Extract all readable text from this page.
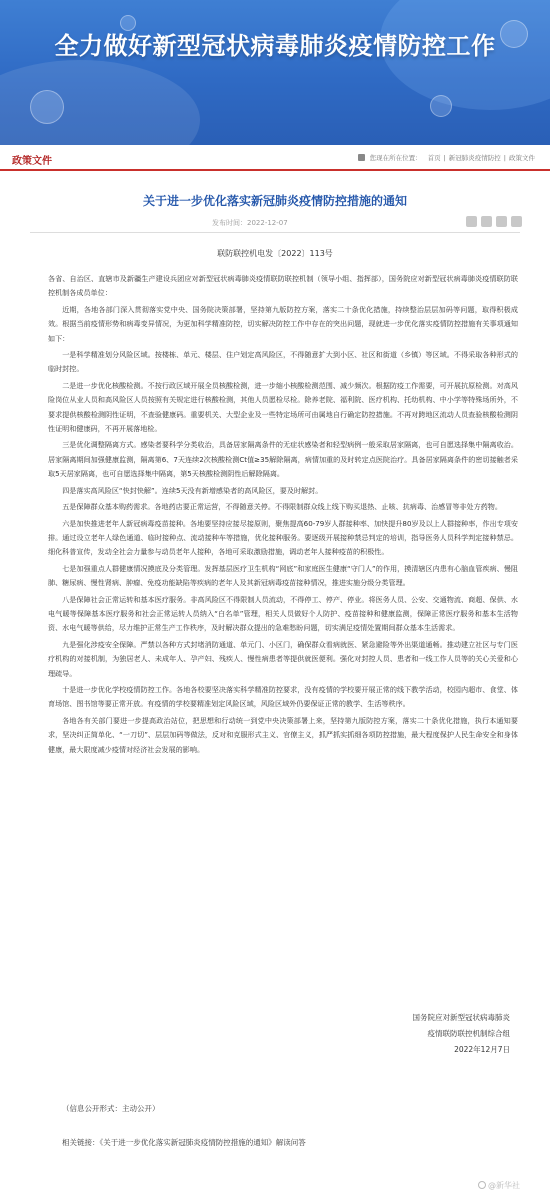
全力做好新型冠状病毒肺炎疫情防控工作
政策文件	您现在所在位置： 首页 | 新冠肺炎疫情防控 | 政策文件
关于进一步优化落实新冠肺炎疫情防控措施的通知
发布时间：2022-12-07
联防联控机电发〔2022〕113号

各省、自治区、直辖市及新疆生产建设兵团应对新型冠状病毒肺炎疫情联防联控机制（领导小组、指挥部），国务院应对新型冠状病毒肺炎疫情联防联控机制各成员单位：

近期，各地各部门深入贯彻落实党中央、国务院决策部署，坚持第九版防控方案，落实二十条优化措施，持续整治层层加码等问题，取得积极成效。根据当前疫情形势和病毒变异情况，为更加科学精准防控，切实解决防控工作中存在的突出问题，现就进一步优化落实疫情防控措施有关事项通知如下：

一是科学精准划分风险区域。按楼栋、单元、楼层、住户划定高风险区，不得随意扩大到小区、社区和街道（乡镇）等区域。不得采取各种形式的临时封控。

二是进一步优化核酸检测。不按行政区域开展全员核酸检测，进一步缩小核酸检测范围、减少频次。根据防疫工作需要，可开展抗原检测。对高风险岗位从业人员和高风险区人员按照有关规定进行核酸检测，其他人员愿检尽检。除养老院、福利院、医疗机构、托幼机构、中小学等特殊场所外，不要求提供核酸检测阴性证明，不查验健康码。重要机关、大型企业及一些特定场所可由属地自行确定防控措施。不再对跨地区流动人员查验核酸检测阴性证明和健康码，不再开展落地检。

三是优化调整隔离方式。感染者要科学分类收治，具备居家隔离条件的无症状感染者和轻型病例一般采取居家隔离，也可自愿选择集中隔离收治。居家隔离期间加强健康监测，隔离第6、7天连续2次核酸检测Ct值≥35解除隔离，病情加重的及时转定点医院治疗。具备居家隔离条件的密切接触者采取5天居家隔离，也可自愿选择集中隔离，第5天核酸检测阴性后解除隔离。

四是落实高风险区“快封快解”。连续5天没有新增感染者的高风险区，要及时解封。

五是保障群众基本购药需求。各地药店要正常运营，不得随意关停。不得限制群众线上线下购买退热、止咳、抗病毒、治感冒等非处方药物。

六是加快推进老年人新冠病毒疫苗接种。各地要坚持应接尽接原则，聚焦提高60-79岁人群接种率、加快提升80岁及以上人群接种率，作出专项安排。通过设立老年人绿色通道、临时接种点、流动接种车等措施，优化接种服务。要逐级开展接种禁忌判定的培训，指导医务人员科学判定接种禁忌。细化科普宣传，发动全社会力量参与动员老年人接种，各地可采取激励措施，调动老年人接种疫苗的积极性。

七是加强重点人群健康情况摸底及分类管理。发挥基层医疗卫生机构“网底”和家庭医生健康“守门人”的作用，摸清辖区内患有心脑血管疾病、慢阻肺、糖尿病、慢性肾病、肿瘤、免疫功能缺陷等疾病的老年人及其新冠病毒疫苗接种情况，推进实施分级分类管理。

八是保障社会正常运转和基本医疗服务。非高风险区不得限制人员流动，不得停工、停产、停业。将医务人员、公安、交通物流、商超、保供、水电气暖等保障基本医疗服务和社会正常运转人员纳入“白名单”管理，相关人员做好个人防护、疫苗接种和健康监测，保障正常医疗服务和基本生活物资、水电气暖等供给，尽力维护正常生产工作秩序，及时解决群众提出的急难愁盼问题，切实满足疫情处置期间群众基本生活需求。

九是强化涉疫安全保障。严禁以各种方式封堵消防通道、单元门、小区门，确保群众看病就医、紧急避险等外出渠道通畅。推动建立社区与专门医疗机构的对接机制，为独居老人、未成年人、孕产妇、残疾人、慢性病患者等提供就医便利。强化对封控人员、患者和一线工作人员等的关心关爱和心理疏导。

十是进一步优化学校疫情防控工作。各地各校要坚决落实科学精准防控要求，没有疫情的学校要开展正常的线下教学活动，校园内超市、食堂、体育场馆、图书馆等要正常开放。有疫情的学校要精准划定风险区域，风险区域外仍要保证正常的教学、生活等秩序。

各地各有关部门要进一步提高政治站位，把思想和行动统一到党中央决策部署上来，坚持第九版防控方案，落实二十条优化措施，执行本通知要求，坚决纠正简单化、“一刀切”、层层加码等做法，反对和克服形式主义、官僚主义，抓严抓实抓细各项防控措施，最大程度保护人民生命安全和身体健康，最大限度减少疫情对经济社会发展的影响。

国务院应对新型冠状病毒肺炎
疫情联防联控机制综合组
2022年12月7日
（信息公开形式：主动公开）
相关链接：《关于进一步优化落实新冠肺炎疫情防控措施的通知》解读问答
@新华社
